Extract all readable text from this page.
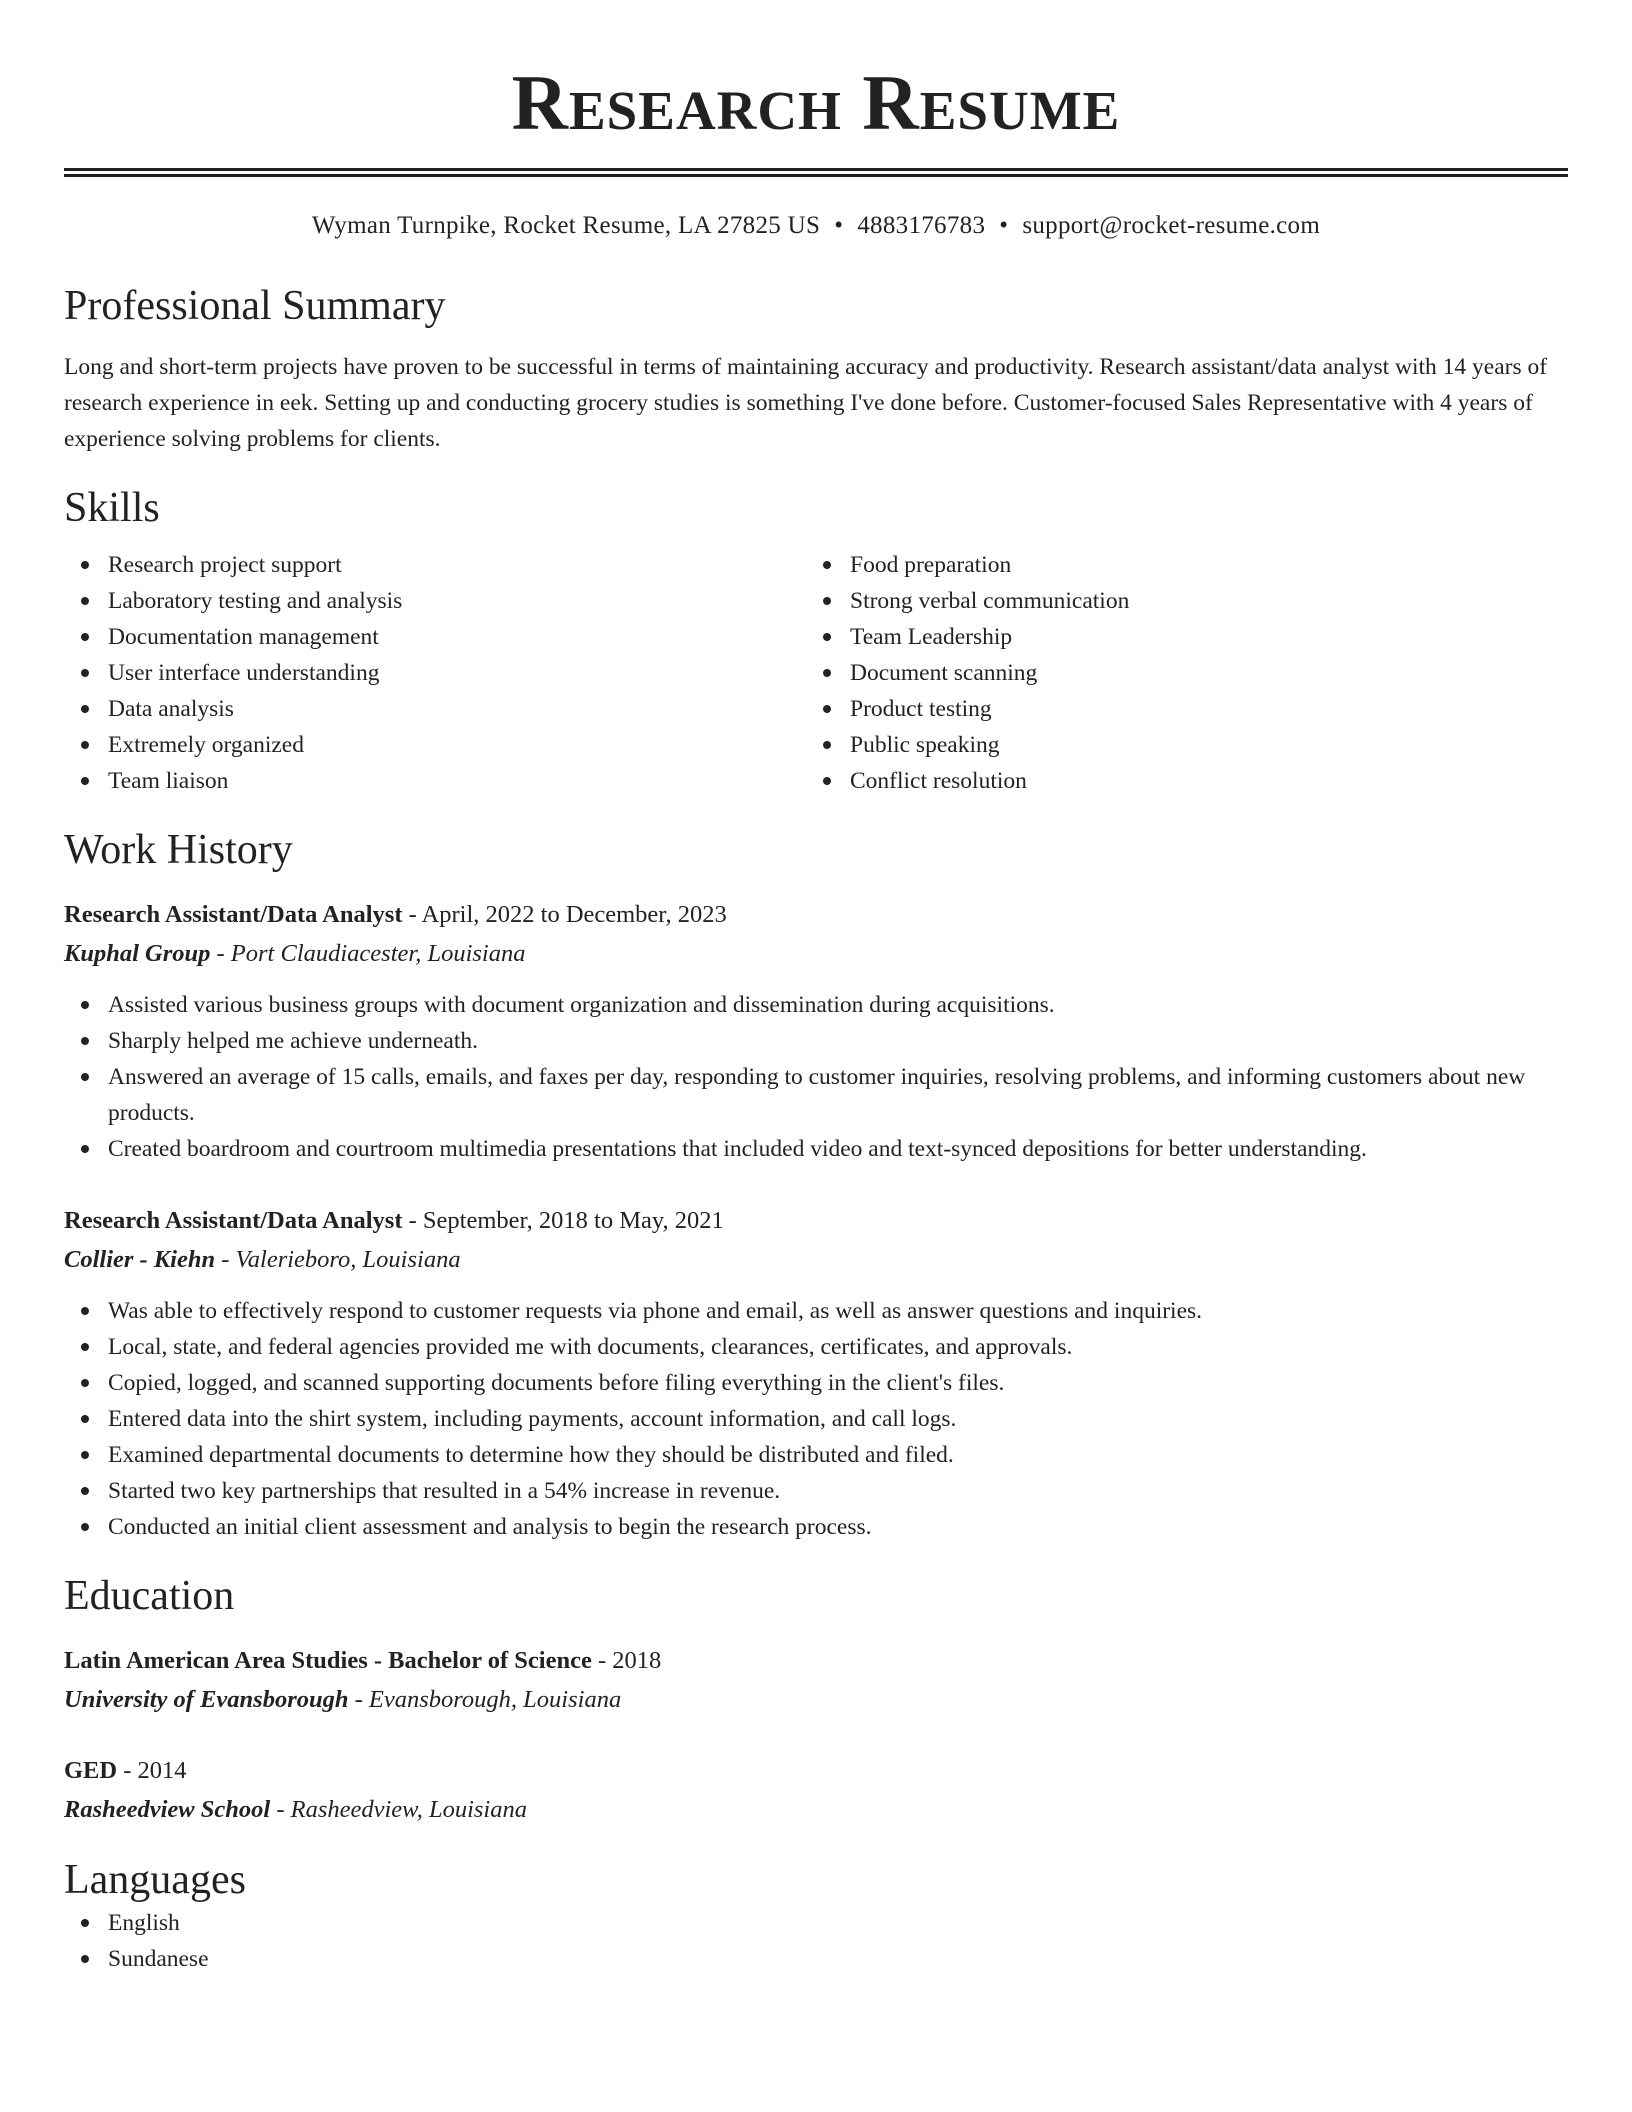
Research Resume
Wyman Turnpike, Rocket Resume, LA 27825 US • 4883176783 • support@rocket-resume.com
Professional Summary
Long and short-term projects have proven to be successful in terms of maintaining accuracy and productivity. Research assistant/data analyst with 14 years of research experience in eek. Setting up and conducting grocery studies is something I've done before. Customer-focused Sales Representative with 4 years of experience solving problems for clients.
Skills
Research project support
Laboratory testing and analysis
Documentation management
User interface understanding
Data analysis
Extremely organized
Team liaison
Food preparation
Strong verbal communication
Team Leadership
Document scanning
Product testing
Public speaking
Conflict resolution
Work History
Research Assistant/Data Analyst - April, 2022 to December, 2023
Kuphal Group - Port Claudiacester, Louisiana
Assisted various business groups with document organization and dissemination during acquisitions.
Sharply helped me achieve underneath.
Answered an average of 15 calls, emails, and faxes per day, responding to customer inquiries, resolving problems, and informing customers about new products.
Created boardroom and courtroom multimedia presentations that included video and text-synced depositions for better understanding.
Research Assistant/Data Analyst - September, 2018 to May, 2021
Collier - Kiehn - Valerieboro, Louisiana
Was able to effectively respond to customer requests via phone and email, as well as answer questions and inquiries.
Local, state, and federal agencies provided me with documents, clearances, certificates, and approvals.
Copied, logged, and scanned supporting documents before filing everything in the client's files.
Entered data into the shirt system, including payments, account information, and call logs.
Examined departmental documents to determine how they should be distributed and filed.
Started two key partnerships that resulted in a 54% increase in revenue.
Conducted an initial client assessment and analysis to begin the research process.
Education
Latin American Area Studies - Bachelor of Science - 2018
University of Evansborough - Evansborough, Louisiana
GED - 2014
Rasheedview School - Rasheedview, Louisiana
Languages
English
Sundanese
